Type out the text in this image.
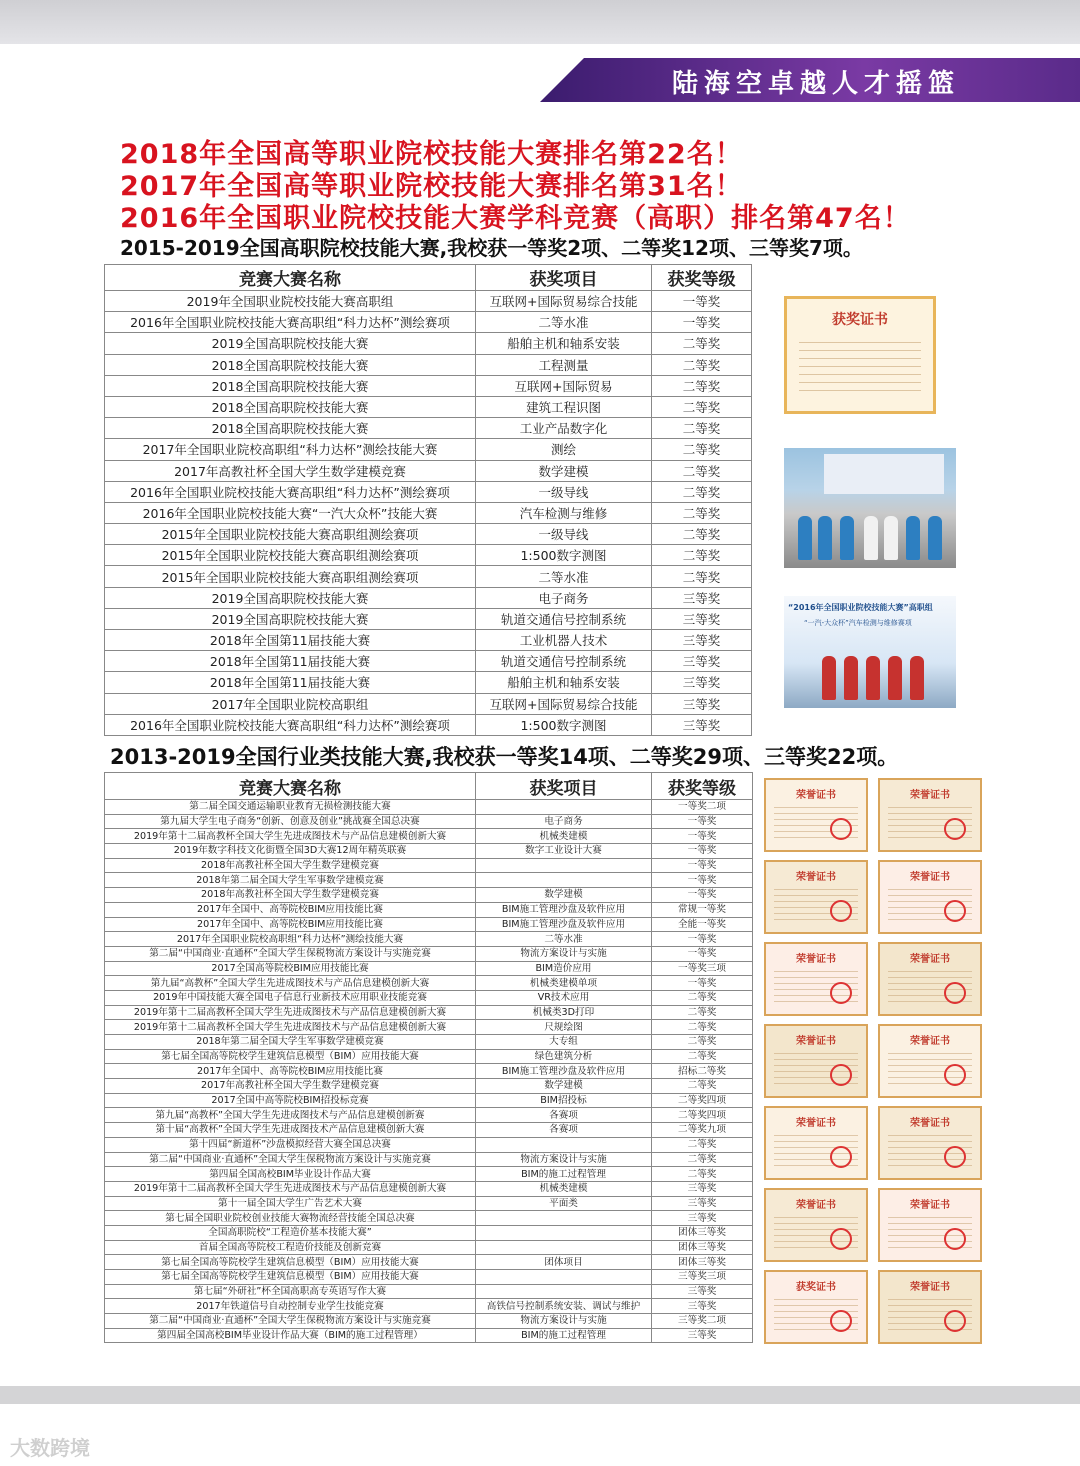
陆海空卓越人才摇篮
2018年全国高等职业院校技能大赛排名第22名！
2017年全国高等职业院校技能大赛排名第31名！
2016年全国职业院校技能大赛学科竞赛（高职）排名第47名！
2015-2019全国高职院校技能大赛,我校获一等奖2项、二等奖12项、三等奖7项。
竞赛大赛名称	获奖项目	获奖等级
2019年全国职业院校技能大赛高职组	互联网+国际贸易综合技能	一等奖
2016年全国职业院校技能大赛高职组“科力达杯”测绘赛项	二等水准	一等奖
2019全国高职院校技能大赛	船舶主机和轴系安装	二等奖
2018全国高职院校技能大赛	工程测量	二等奖
2018全国高职院校技能大赛	互联网+国际贸易	二等奖
2018全国高职院校技能大赛	建筑工程识图	二等奖
2018全国高职院校技能大赛	工业产品数字化	二等奖
2017年全国职业院校高职组“科力达杯”测绘技能大赛	测绘	二等奖
2017年高教社杯全国大学生数学建模竞赛	数学建模	二等奖
2016年全国职业院校技能大赛高职组“科力达杯”测绘赛项	一级导线	二等奖
2016年全国职业院校技能大赛“一汽大众杯”技能大赛	汽车检测与维修	二等奖
2015年全国职业院校技能大赛高职组测绘赛项	一级导线	二等奖
2015年全国职业院校技能大赛高职组测绘赛项	1:500数字测图	二等奖
2015年全国职业院校技能大赛高职组测绘赛项	二等水准	二等奖
2019全国高职院校技能大赛	电子商务	三等奖
2019全国高职院校技能大赛	轨道交通信号控制系统	三等奖
2018年全国第11届技能大赛	工业机器人技术	三等奖
2018年全国第11届技能大赛	轨道交通信号控制系统	三等奖
2018年全国第11届技能大赛	船舶主机和轴系安装	三等奖
2017年全国职业院校高职组	互联网+国际贸易综合技能	三等奖
2016年全国职业院校技能大赛高职组“科力达杯”测绘赛项	1:500数字测图	三等奖
获奖证书
“2016年全国职业院校技能大赛”高职组
“一汽-大众杯”汽车检测与维修赛项
2013-2019全国行业类技能大赛,我校获一等奖14项、二等奖29项、三等奖22项。
竞赛大赛名称	获奖项目	获奖等级
第二届全国交通运输职业教育无损检测技能大赛		一等奖二项
第九届大学生电子商务“创新、创意及创业”挑战赛全国总决赛	电子商务	一等奖
2019年第十二届高教杯全国大学生先进成图技术与产品信息建模创新大赛	机械类建模	一等奖
2019年数字科技文化街暨全国3D大赛12周年精英联赛	数字工业设计大赛	一等奖
2018年高教社杯全国大学生数学建模竞赛		一等奖
2018年第二届全国大学生军事数学建模竞赛		一等奖
2018年高教社杯全国大学生数学建模竞赛	数学建模	一等奖
2017年全国中、高等院校BIM应用技能比赛	BIM施工管理沙盘及软件应用	常规一等奖
2017年全国中、高等院校BIM应用技能比赛	BIM施工管理沙盘及软件应用	全能一等奖
2017年全国职业院校高职组“科力达杯”测绘技能大赛	二等水准	一等奖
第二届“中国商业·直通杯”全国大学生保税物流方案设计与实施竞赛	物流方案设计与实施	一等奖
2017全国高等院校BIM应用技能比赛	BIM造价应用	一等奖三项
第九届“高教杯”全国大学生先进成图技术与产品信息建模创新大赛	机械类建模单项	一等奖
2019年中国技能大赛全国电子信息行业新技术应用职业技能竞赛	VR技术应用	二等奖
2019年第十二届高教杯全国大学生先进成图技术与产品信息建模创新大赛	机械类3D打印	二等奖
2019年第十二届高教杯全国大学生先进成图技术与产品信息建模创新大赛	尺规绘图	二等奖
2018年第二届全国大学生军事数学建模竞赛	大专组	二等奖
第七届全国高等院校学生建筑信息模型（BIM）应用技能大赛	绿色建筑分析	二等奖
2017年全国中、高等院校BIM应用技能比赛	BIM施工管理沙盘及软件应用	招标二等奖
2017年高教社杯全国大学生数学建模竞赛	数学建模	二等奖
2017全国中高等院校BIM招投标竞赛	BIM招投标	二等奖四项
第九届“高教杯”全国大学生先进成图技术与产品信息建模创新赛	各赛项	二等奖四项
第十届“高教杯”全国大学生先进成图技术产品信息建模创新大赛	各赛项	二等奖九项
第十四届“新道杯”沙盘模拟经营大赛全国总决赛		二等奖
第二届“中国商业·直通杯”全国大学生保税物流方案设计与实施竞赛	物流方案设计与实施	二等奖
第四届全国高校BIM毕业设计作品大赛	BIM的施工过程管理	二等奖
2019年第十二届高教杯全国大学生先进成图技术与产品信息建模创新大赛	机械类建模	三等奖
第十一届全国大学生广告艺术大赛	平面类	三等奖
第七届全国职业院校创业技能大赛物流经营技能全国总决赛		三等奖
全国高职院校“工程造价基本技能大赛”		团体三等奖
首届全国高等院校工程造价技能及创新竞赛		团体三等奖
第七届全国高等院校学生建筑信息模型（BIM）应用技能大赛	团体项目	团体三等奖
第七届全国高等院校学生建筑信息模型（BIM）应用技能大赛		三等奖三项
第七届“外研社”杯全国高职高专英语写作大赛		三等奖
2017年铁道信号自动控制专业学生技能竞赛	高铁信号控制系统安装、调试与维护	三等奖
第二届“中国商业·直通杯”全国大学生保税物流方案设计与实施竞赛	物流方案设计与实施	三等奖二项
第四届全国高校BIM毕业设计作品大赛（BIM的施工过程管理）	BIM的施工过程管理	三等奖
荣誉证书	荣誉证书
荣誉证书	荣誉证书
荣誉证书	荣誉证书
荣誉证书	荣誉证书
荣誉证书	荣誉证书
荣誉证书	荣誉证书
获奖证书	荣誉证书
大数跨境
